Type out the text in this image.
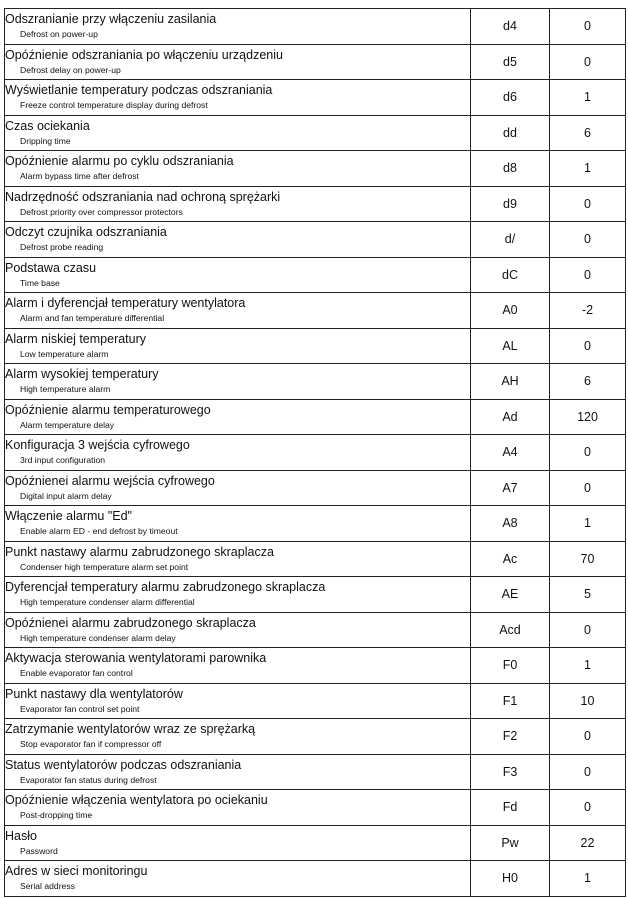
Odszranianie przy włączeniu zasilania
Defrost on power-up	d4	0

Opóźnienie odszraniania po włączeniu urządzeniu
Defrost delay on power-up	d5	0

Wyświetlanie temperatury podczas odszraniania
Freeze control temperature display during defrost	d6	1

Czas ociekania
Dripping time	dd	6

Opóźnienie alarmu po cyklu odszraniania
Alarm bypass time after defrost	d8	1

Nadrzędność odszraniania nad ochroną sprężarki
Defrost priority over compressor protectors	d9	0

Odczyt czujnika odszraniania
Defrost probe reading	d/	0

Podstawa czasu
Time base	dC	0

Alarm i dyferencjał temperatury wentylatora
Alarm and fan temperature differential	A0	-2

Alarm niskiej temperatury
Low temperature alarm	AL	0

Alarm wysokiej temperatury
High temperature alarm	AH	6

Opóźnienie alarmu temperaturowego
Alarm temperature delay	Ad	120

Konfiguracja 3 wejścia cyfrowego
3rd input configuration	A4	0

Opóźnienei alarmu wejścia cyfrowego
Digital input alarm delay	A7	0

Włączenie alarmu "Ed"
Enable alarm ED - end defrost by timeout	A8	1

Punkt nastawy alarmu zabrudzonego skraplacza
Condenser high temperature alarm set point	Ac	70

Dyferencjał temperatury alarmu zabrudzonego skraplacza
High temperature condenser alarm differential	AE	5

Opóźnienei alarmu zabrudzonego skraplacza
High temperature condenser alarm delay	Acd	0

Aktywacja sterowania wentylatorami parownika
Enable evaporator fan control	F0	1

Punkt nastawy dla wentylatorów
Evaporator fan control set point	F1	10

Zatrzymanie wentylatorów wraz ze sprężarką
Stop evaporator fan if compressor off	F2	0

Status wentylatorów podczas odszraniania
Evaporator fan status during defrost	F3	0

Opóźnienie włączenia wentylatora po ociekaniu
Post-dropping time	Fd	0

Hasło
Password	Pw	22

Adres w sieci monitoringu
Serial address	H0	1
